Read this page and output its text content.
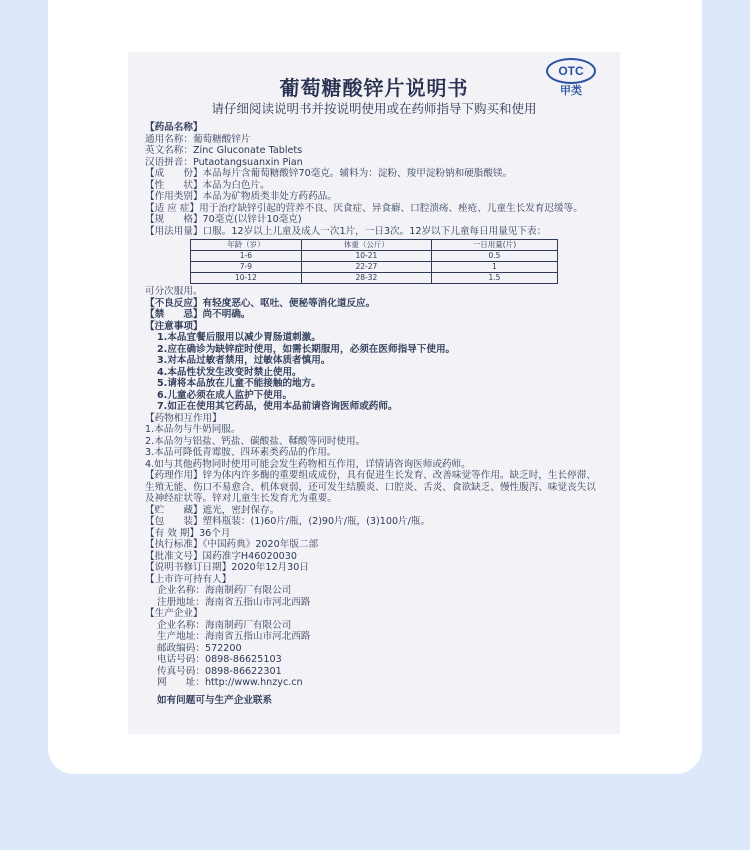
葡萄糖酸锌片说明书
请仔细阅读说明书并按说明使用或在药师指导下购买和使用
OTC
甲类
【药品名称】
通用名称：葡萄糖酸锌片
英文名称：Zinc Gluconate Tablets
汉语拼音：Putaotangsuanxin Pian
【成　　份】本品每片含葡萄糖酸锌70毫克。辅料为：淀粉、羧甲淀粉钠和硬脂酸镁。
【性　　状】本品为白色片。
【作用类别】本品为矿物质类非处方药药品。
【适 应 症】用于治疗缺锌引起的营养不良、厌食症、异食癖、口腔溃疡、痤疮、儿童生长发育迟缓等。
【规　　格】70毫克(以锌计10毫克)
【用法用量】口服。12岁以上儿童及成人一次1片，一日3次。12岁以下儿童每日用量见下表：
年龄（岁）	体重（公斤）	一日用量(片)
1-6	10-21	0.5
7-9	22-27	1
10-12	28-32	1.5
可分次服用。
【不良反应】有轻度恶心、呕吐、便秘等消化道反应。
【禁　　忌】尚不明确。
【注意事项】
1.本品宜餐后服用以减少胃肠道刺激。
2.应在确诊为缺锌症时使用，如需长期服用，必须在医师指导下使用。
3.对本品过敏者禁用，过敏体质者慎用。
4.本品性状发生改变时禁止使用。
5.请将本品放在儿童不能接触的地方。
6.儿童必须在成人监护下使用。
7.如正在使用其它药品，使用本品前请咨询医师或药师。
【药物相互作用】
1.本品勿与牛奶同服。
2.本品勿与铝盐、钙盐、碳酸盐、鞣酸等同时使用。
3.本品可降低青霉胺、四环素类药品的作用。
4.如与其他药物同时使用可能会发生药物相互作用，详情请咨询医师或药师。
【药理作用】锌为体内许多酶的重要组成成份，具有促进生长发育、改善味觉等作用。缺乏时，生长停滞、生殖无能、伤口不易愈合、机体衰弱，还可发生结膜炎、口腔炎、舌炎、食欲缺乏、慢性腹泻、味觉丧失以及神经症状等。锌对儿童生长发育尤为重要。
【贮　　藏】遮光，密封保存。
【包　　装】塑料瓶装：(1)60片/瓶，(2)90片/瓶，(3)100片/瓶。
【有 效 期】36个月
【执行标准】《中国药典》2020年版二部
【批准文号】国药准字H46020030
【说明书修订日期】2020年12月30日
【上市许可持有人】
企业名称：海南制药厂有限公司
注册地址：海南省五指山市河北西路
【生产企业】
企业名称：海南制药厂有限公司
生产地址：海南省五指山市河北西路
邮政编码：572200
电话号码：0898-86625103
传真号码：0898-86622301
网　　址：http://www.hnzyc.cn
如有问题可与生产企业联系
